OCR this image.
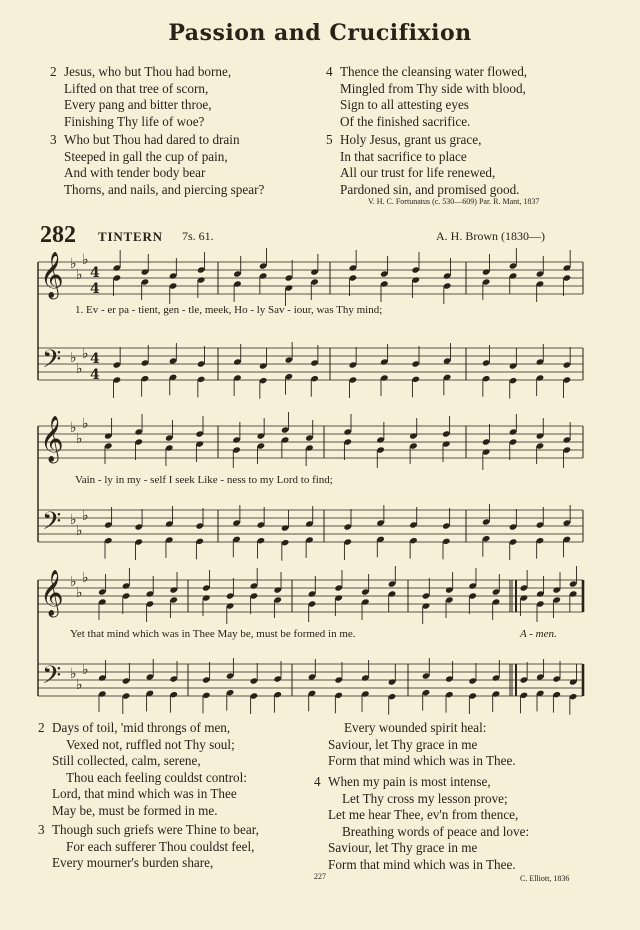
Passion and Crucifixion
2 Jesus, who but Thou had borne,
Lifted on that tree of scorn,
Every pang and bitter throe,
Finishing Thy life of woe?
3 Who but Thou had dared to drain
Steeped in gall the cup of pain,
And with tender body bear
Thorns, and nails, and piercing spear?
4 Thence the cleansing water flowed,
Mingled from Thy side with blood,
Sign to all attesting eyes
Of the finished sacrifice.
5 Holy Jesus, grant us grace,
In that sacrifice to place
All our trust for life renewed,
Pardoned sin, and promised good.
V. H. C. Fortunatus (c. 530—609) Par. R. Mant, 1837
282 TINTERN 7s. 61.	A. H. Brown (1830—)
𝄞
𝄢
♭
♭
♭
♭
♭
♭
4
4
4
4
𝄞
𝄢
♭
♭
♭
♭
♭
♭
𝄞
𝄢
♭
♭
♭
♭
♭
♭
1. Ev - er pa - tient, gen - tle, meek, Ho - ly Sav - iour, was Thy mind;
Vain - ly in my - self I seek Like - ness to my Lord to find;
Yet that mind which was in Thee May be, must be formed in me.	A - men.
2 Days of toil, 'mid throngs of men,
Vexed not, ruffled not Thy soul;
Still collected, calm, serene,
Thou each feeling couldst control:
Lord, that mind which was in Thee
May be, must be formed in me.
3 Though such griefs were Thine to bear,
For each sufferer Thou couldst feel,
Every mourner's burden share,
Every wounded spirit heal:
Saviour, let Thy grace in me
Form that mind which was in Thee.
4 When my pain is most intense,
Let Thy cross my lesson prove;
Let me hear Thee, ev'n from thence,
Breathing words of peace and love:
Saviour, let Thy grace in me
Form that mind which was in Thee.
C. Elliott, 1836
227
